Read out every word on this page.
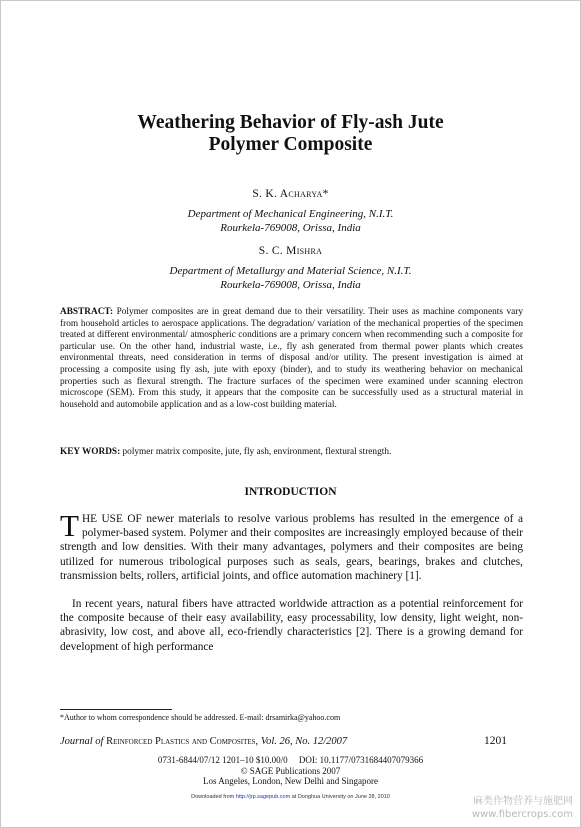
Weathering Behavior of Fly-ash Jute
Polymer Composite
S. K. Acharya*
Department of Mechanical Engineering, N.I.T.
Rourkela-769008, Orissa, India
S. C. Mishra
Department of Metallurgy and Material Science, N.I.T.
Rourkela-769008, Orissa, India
ABSTRACT: Polymer composites are in great demand due to their versatility. Their uses as machine components vary from household articles to aerospace applications. The degradation/ variation of the mechanical properties of the specimen treated at different environmental/ atmospheric conditions are a primary concern when recommending such a composite for particular use. On the other hand, industrial waste, i.e., fly ash generated from thermal power plants which creates environmental threats, need consideration in terms of disposal and/or utility. The present investigation is aimed at processing a composite using fly ash, jute with epoxy (binder), and to study its weathering behavior on mechanical properties such as flexural strength. The fracture surfaces of the specimen were examined under scanning electron microscope (SEM). From this study, it appears that the composite can be successfully used as a structural material in household and automobile application and as a low-cost building material.
KEY WORDS: polymer matrix composite, jute, fly ash, environment, flextural strength.
INTRODUCTION
THE USE OF newer materials to resolve various problems has resulted in the emergence of a polymer-based system. Polymer and their composites are increasingly employed because of their strength and low densities. With their many advantages, polymers and their composites are being utilized for numerous tribological purposes such as seals, gears, bearings, brakes and clutches, transmission belts, rollers, artificial joints, and office automation machinery [1].
In recent years, natural fibers have attracted worldwide attraction as a potential reinforcement for the composite because of their easy availability, easy processability, low density, light weight, non-abrasivity, low cost, and above all, eco-friendly characteristics [2]. There is a growing demand for development of high performance
*Author to whom correspondence should be addressed. E-mail: drsamirka@yahoo.com
Journal of Reinforced Plastics and Composites, Vol. 26, No. 12/2007	1201
0731-6844/07/12 1201–10 $10.00/0     DOI: 10.1177/0731684407079366
© SAGE Publications 2007
Los Angeles, London, New Delhi and Singapore
Downloaded from http://jrp.sagepub.com at Donghua University on June 28, 2010	麻类作物营养与施肥网
www.fibercrops.com
